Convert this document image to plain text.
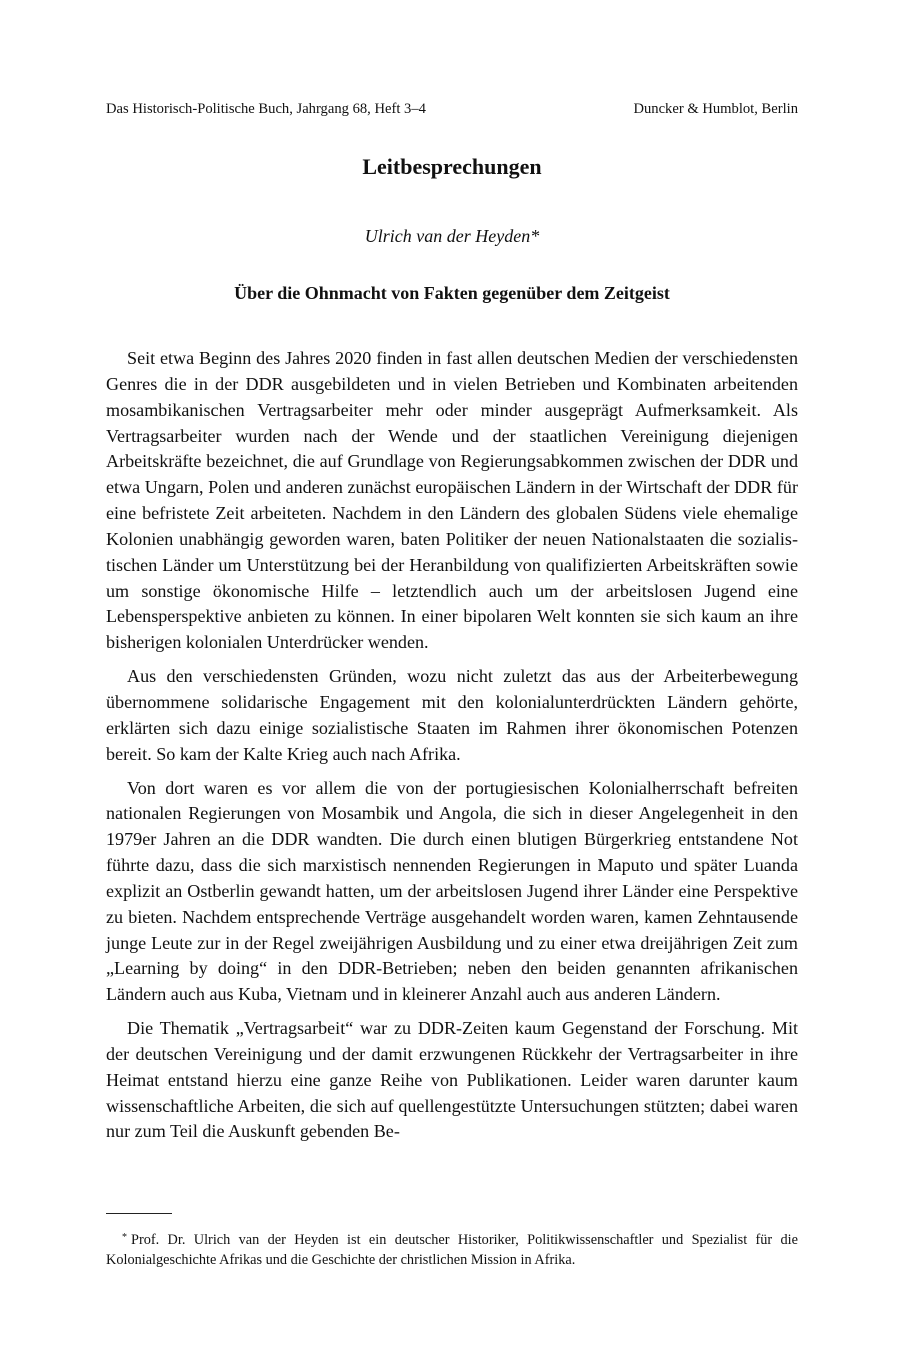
Das Historisch-Politische Buch, Jahrgang 68, Heft 3–4	Duncker & Humblot, Berlin
Leitbesprechungen
Ulrich van der Heyden*
Über die Ohnmacht von Fakten gegenüber dem Zeitgeist

Seit etwa Beginn des Jahres 2020 finden in fast allen deutschen Medien der verschiedensten Genres die in der DDR ausgebildeten und in vielen Betrieben und Kombinaten arbeitenden mosambikanischen Vertragsarbeiter mehr oder minder ausgeprägt Aufmerksamkeit. Als Vertragsarbeiter wurden nach der Wende und der staatlichen Vereinigung diejenigen Arbeitskräfte bezeichnet, die auf Grundlage von Regierungsabkommen zwischen der DDR und etwa Ungarn, Polen und anderen zunächst europäischen Ländern in der Wirtschaft der DDR für eine befristete Zeit arbeiteten. Nachdem in den Ländern des globalen Südens viele ehemalige Kolonien unabhängig geworden waren, baten Politiker der neuen Nationalstaaten die sozialistischen Länder um Unterstützung bei der Heranbildung von qualifizierten Arbeitskräften sowie um sonstige ökonomische Hilfe – letztendlich auch um der arbeitslosen Jugend eine Lebensperspektive anbieten zu können. In einer bipolaren Welt konnten sie sich kaum an ihre bisherigen kolonialen Unterdrücker wenden.

Aus den verschiedensten Gründen, wozu nicht zuletzt das aus der Arbeiterbewegung übernommene solidarische Engagement mit den kolonialunterdrückten Ländern gehörte, erklärten sich dazu einige sozialistische Staaten im Rahmen ihrer ökonomischen Potenzen bereit. So kam der Kalte Krieg auch nach Afrika.

Von dort waren es vor allem die von der portugiesischen Kolonialherrschaft befreiten nationalen Regierungen von Mosambik und Angola, die sich in dieser Angelegenheit in den 1979er Jahren an die DDR wandten. Die durch einen blutigen Bürgerkrieg entstandene Not führte dazu, dass die sich marxistisch nennenden Regierungen in Maputo und später Luanda explizit an Ostberlin gewandt hatten, um der arbeitslosen Jugend ihrer Länder eine Perspektive zu bieten. Nachdem entsprechende Verträge ausgehandelt worden waren, kamen Zehntausende junge Leute zur in der Regel zweijährigen Ausbildung und zu einer etwa dreijährigen Zeit zum „Learning by doing“ in den DDR-Betrieben; neben den beiden genannten afrikanischen Ländern auch aus Kuba, Vietnam und in kleinerer Anzahl auch aus anderen Ländern.

Die Thematik „Vertragsarbeit“ war zu DDR-Zeiten kaum Gegenstand der Forschung. Mit der deutschen Vereinigung und der damit erzwungenen Rückkehr der Vertragsarbeiter in ihre Heimat entstand hierzu eine ganze Reihe von Publikationen. Leider waren darunter kaum wissenschaftliche Arbeiten, die sich auf quellengestützte Untersuchungen stützten; dabei waren nur zum Teil die Auskunft gebenden Be-

* Prof. Dr. Ulrich van der Heyden ist ein deutscher Historiker, Politikwissenschaftler und Spezialist für die Kolonialgeschichte Afrikas und die Geschichte der christlichen Mission in Afrika.
